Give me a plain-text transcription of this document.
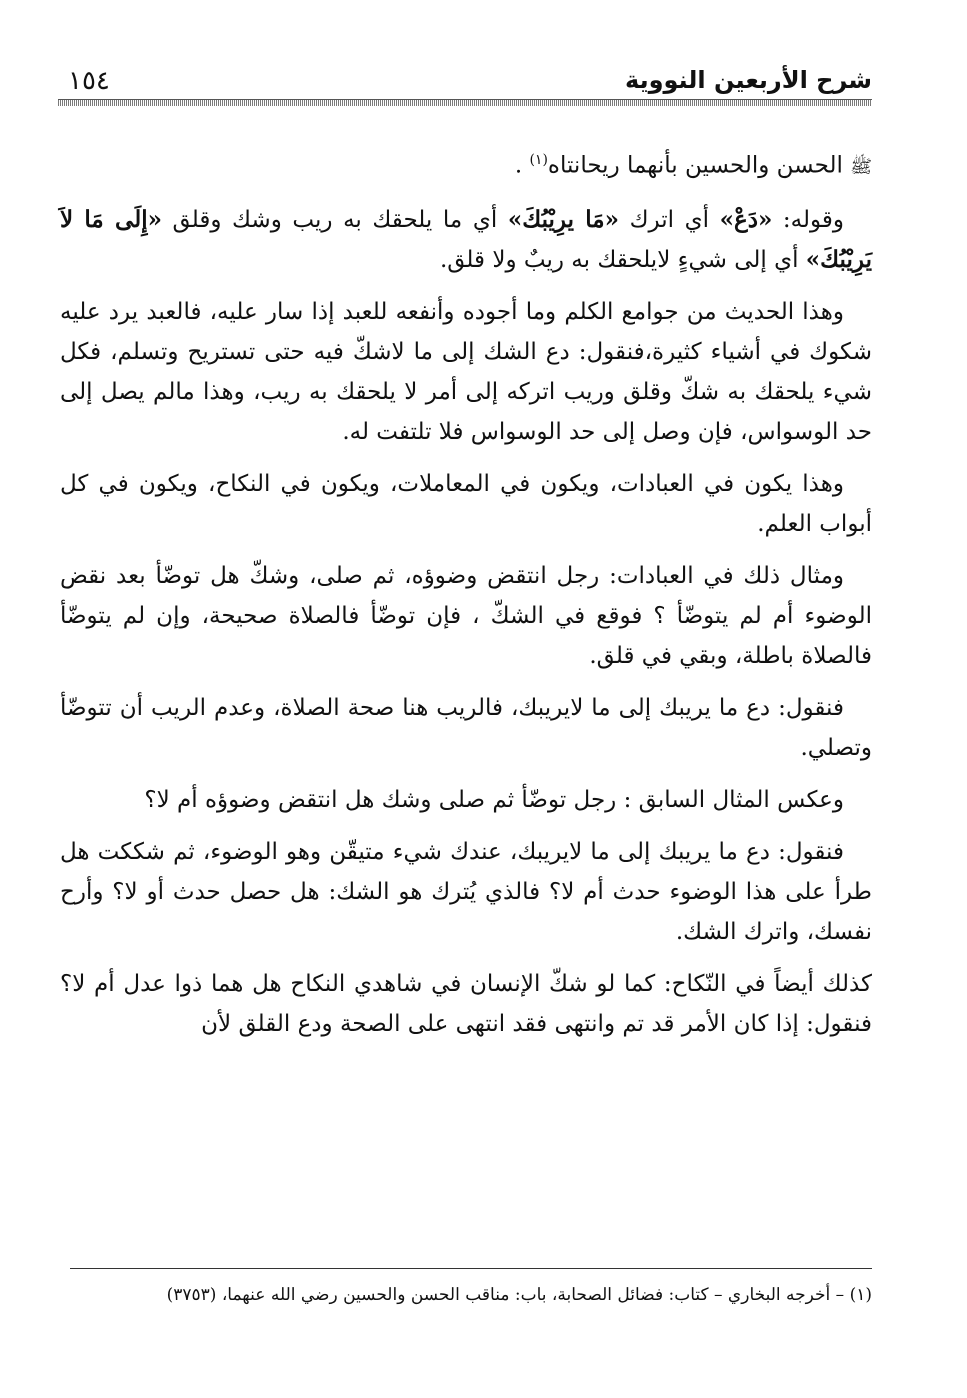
شرح الأربعين النووية
١٥٤

ﷺ الحسن والحسين بأنهما ريحانتاه$^{(١)}$ .

وقوله: «دَعْ» أي اترك «مَا يرِيْبُكَ» أي ما يلحقك به ريب وشك وقلق «إِلَى مَا لاَ يَرِيْبُكَ» أي إلى شيءٍ لايلحقك به ريبٌ ولا قلق.

وهذا الحديث من جوامع الكلم وما أجوده وأنفعه للعبد إذا سار عليه، فالعبد يرد عليه شكوك في أشياء كثيرة،فنقول: دع الشك إلى ما لاشكّ فيه حتى تستريح وتسلم، فكل شيء يلحقك به شكّ وقلق وريب اتركه إلى أمر لا يلحقك به ريب، وهذا مالم يصل إلى حد الوسواس، فإن وصل إلى حد الوسواس فلا تلتفت له.

وهذا يكون في العبادات، ويكون في المعاملات، ويكون في النكاح، ويكون في كل أبواب العلم.

ومثال ذلك في العبادات: رجل انتقض وضوؤه، ثم صلى، وشكّ هل توضّأ بعد نقض الوضوء أم لم يتوضّأ ؟ فوقع في الشكّ ، فإن توضّأ فالصلاة صحيحة، وإن لم يتوضّأ فالصلاة باطلة، وبقي في قلق.

فنقول: دع ما يريبك إلى ما لايريبك، فالريب هنا صحة الصلاة، وعدم الريب أن تتوضّأ وتصلي.

وعكس المثال السابق : رجل توضّأ ثم صلى وشك هل انتقض وضوؤه أم لا؟

فنقول: دع ما يريبك إلى ما لايريبك، عندك شيء متيقّن وهو الوضوء، ثم شككت هل طرأ على هذا الوضوء حدث أم لا؟ فالذي يُترك هو الشك: هل حصل حدث أو لا؟ وأرح نفسك، واترك الشك.

كذلك أيضاً في النّكاح: كما لو شكّ الإنسان في شاهدي النكاح هل هما ذوا عدل أم لا؟ فنقول: إذا كان الأمر قد تم وانتهى فقد انتهى على الصحة ودع القلق لأن

(١) – أخرجه البخاري – كتاب: فضائل الصحابة، باب: مناقب الحسن والحسين رضي الله عنهما، (٣٧٥٣)
